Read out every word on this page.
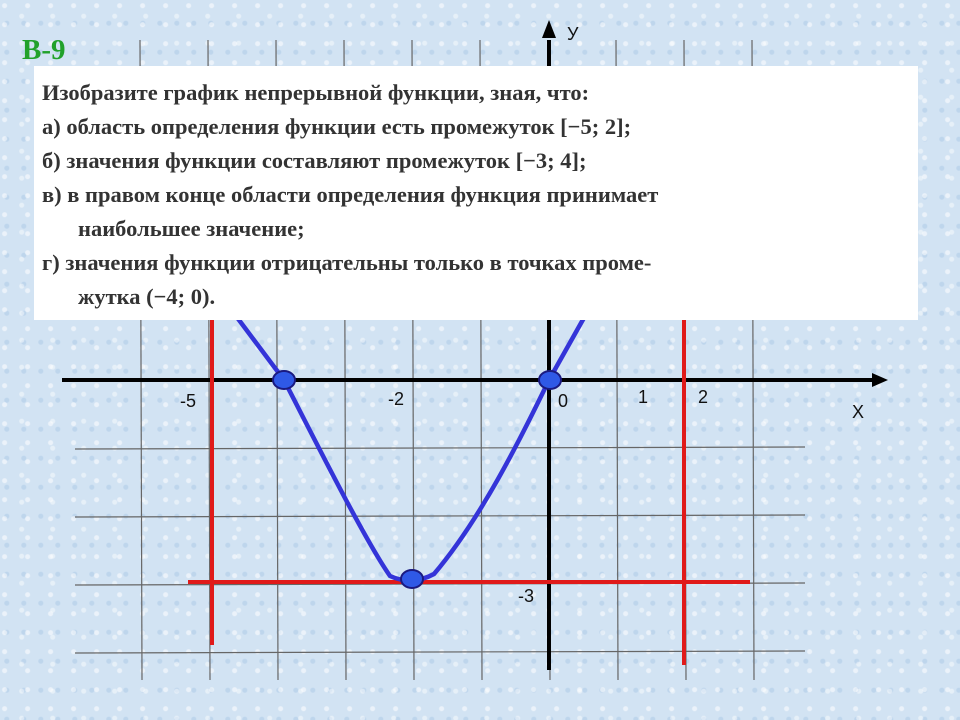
Х
У
-5	-2	0	1	2
-3
В-9
Изобразите график непрерывной функции, зная, что:
а) область определения функции есть промежуток [−5; 2];
б) значения функции составляют промежуток [−3; 4];
в) в правом конце области определения функция принимает
наибольшее значение;
г) значения функции отрицательны только в точках проме-
жутка (−4; 0).
